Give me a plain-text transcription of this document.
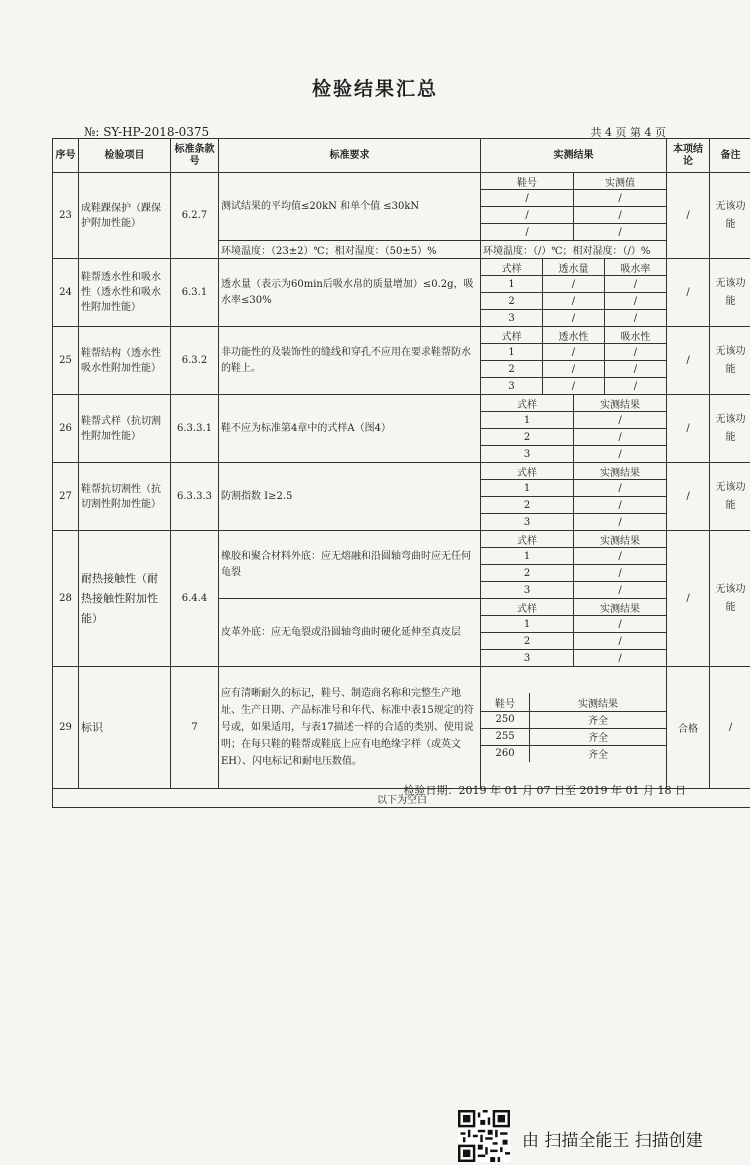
检验结果汇总
№: SY-HP-2018-0375	共 4 页 第 4 页
序号	检验项目	标准条款号	标准要求	实测结果	本项结论	备注
23	成鞋踝保护（踝保护附加性能）	6.2.7	测试结果的平均值≤20kN 和单个值 ≤30kN	
鞋号	实测值
/	/
/	/
/	/
	/	无该功能
环境温度：（23±2）℃；相对湿度：（50±5）%	环境温度：（/）℃；相对湿度：（/）%
24	鞋帮透水性和吸水性（透水性和吸水性附加性能）	6.3.1	透水量（表示为60min后吸水帛的质量增加）≤0.2g，吸水率≤30%	
式样	透水量	吸水率
1	/	/
2	/	/
3	/	/
	/	无该功能
25	鞋帮结构（透水性吸水性附加性能）	6.3.2	非功能性的及装饰性的缝线和穿孔不应用在要求鞋帮防水的鞋上。	
式样	透水性	吸水性
1	/	/
2	/	/
3	/	/
	/	无该功能
26	鞋帮式样（抗切割性附加性能）	6.3.3.1	鞋不应为标准第4章中的式样A（图4）	
式样	实测结果
1	/
2	/
3	/
	/	无该功能
27	鞋帮抗切割性（抗切割性附加性能）	6.3.3.3	防割指数 I≥2.5	
式样	实测结果
1	/
2	/
3	/
	/	无该功能
28	耐热接触性（耐热接触性附加性能）	6.4.4	橡胶和聚合材料外底：应无熔融和沿圆轴弯曲时应无任何龟裂	
式样	实测结果
1	/
2	/
3	/
	/	无该功能
皮革外底：应无龟裂或沿圆轴弯曲时硬化延伸至真皮层	
式样	实测结果
1	/
2	/
3	/

29	标识	7	应有清晰耐久的标记，鞋号、制造商名称和完整生产地址、生产日期、产品标准号和年代、标准中表15规定的符号或，如果适用，与表17描述一样的合适的类别、使用说明；在每只鞋的鞋帮或鞋底上应有电绝缘字样（或英文EH）、闪电标记和耐电压数值。	
鞋号	实测结果
250	齐全
255	齐全
260	齐全
	合格	/
以下为空白
检验日期：2019 年 01 月 07 日至 2019 年 01 月 18 日
由 扫描全能王 扫描创建
